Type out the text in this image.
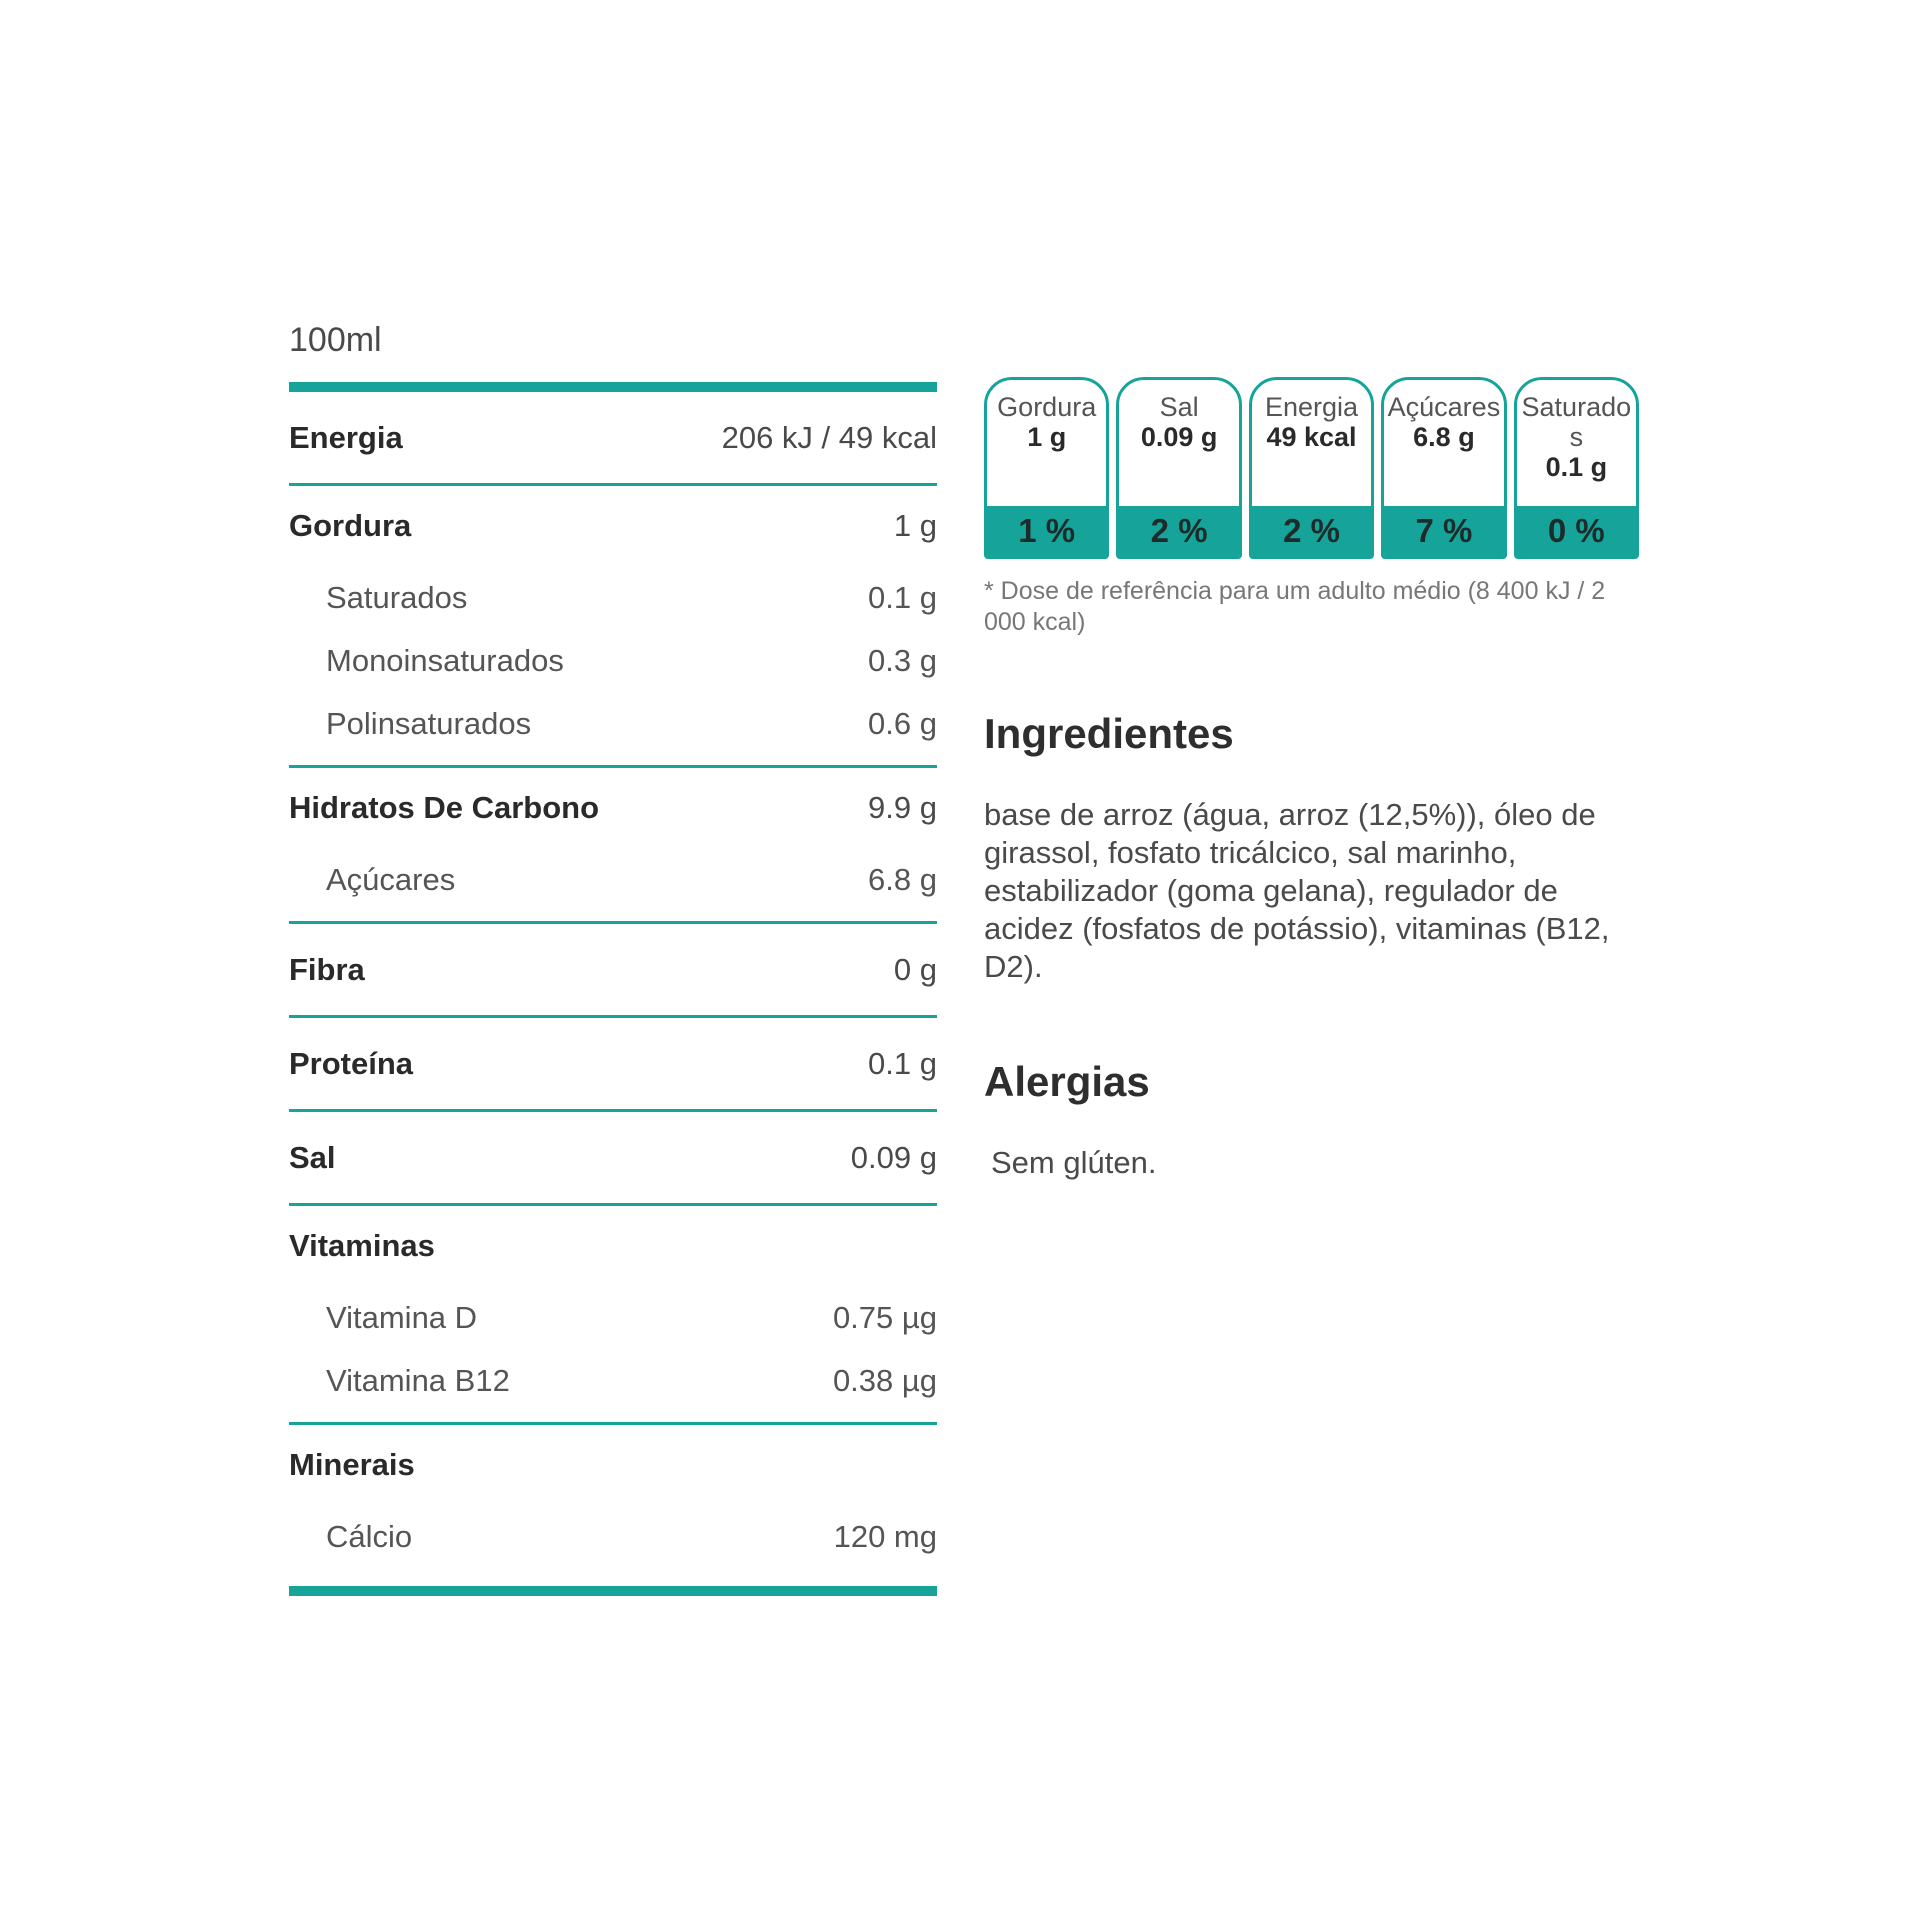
100ml
Energia	206 kJ / 49 kcal
Gordura	1 g
Saturados	0.1 g
Monoinsaturados	0.3 g
Polinsaturados	0.6 g
Hidratos De Carbono	9.9 g
Açúcares	6.8 g
Fibra	0 g
Proteína	0.1 g
Sal	0.09 g
Vitaminas
Vitamina D	0.75 µg
Vitamina B12	0.38 µg
Minerais
Cálcio	120 mg
Gordura
1 g
1 %
Sal
0.09 g
2 %
Energia
49 kcal
2 %
Açúcares
6.8 g
7 %
Saturados
0.1 g
0 %
* Dose de referência para um adulto médio (8 400 kJ / 2 000 kcal)
Ingredientes
base de arroz (água, arroz (12,5%)), óleo de girassol, fosfato tricálcico, sal marinho, estabilizador (goma gelana), regulador de acidez (fosfatos de potássio), vitaminas (B12, D2).
Alergias
Sem glúten.
